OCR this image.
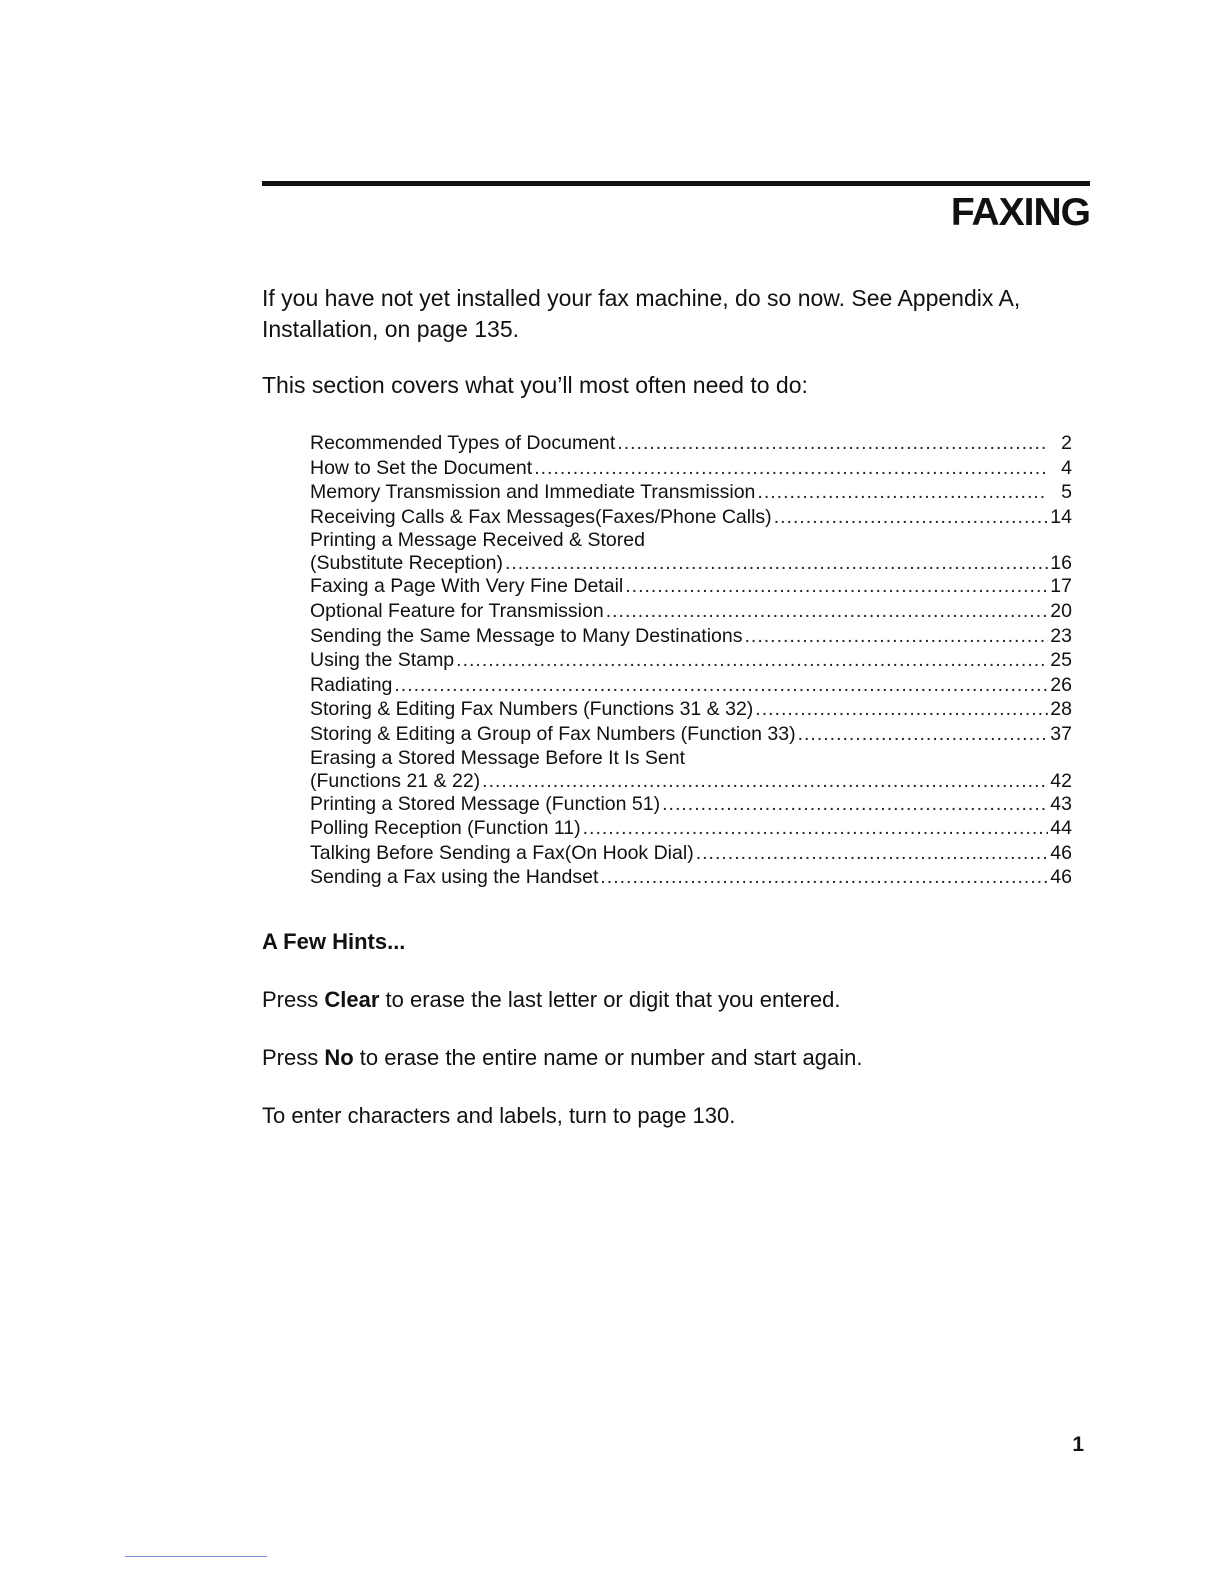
FAXING

If you have not yet installed your fax machine, do so now. See Appendix A, Installation, on page 135.

This section covers what you’ll most often need to do:

Recommended Types of Document .....	2
How to Set the Document .....	4
Memory Transmission and Immediate Transmission .....	5
Receiving Calls & Fax Messages(Faxes/Phone Calls) .....	14
Printing a Message Received & Stored
(Substitute Reception) .....	16
Faxing a Page With Very Fine Detail .....	17
Optional Feature for Transmission .....	20
Sending the Same Message to Many Destinations .....	23
Using the Stamp .....	25
Radiating .....	26
Storing & Editing Fax Numbers (Functions 31 & 32) .....	28
Storing & Editing a Group of Fax Numbers (Function 33) .....	37
Erasing a Stored Message Before It Is Sent
(Functions 21 & 22) .....	42
Printing a Stored Message (Function 51) .....	43
Polling Reception (Function 11) .....	44
Talking Before Sending a Fax(On Hook Dial) .....	46
Sending a Fax using the Handset .....	46
A Few Hints...

Press Clear to erase the last letter or digit that you entered.

Press No to erase the entire name or number and start again.

To enter characters and labels, turn to page 130.

1
